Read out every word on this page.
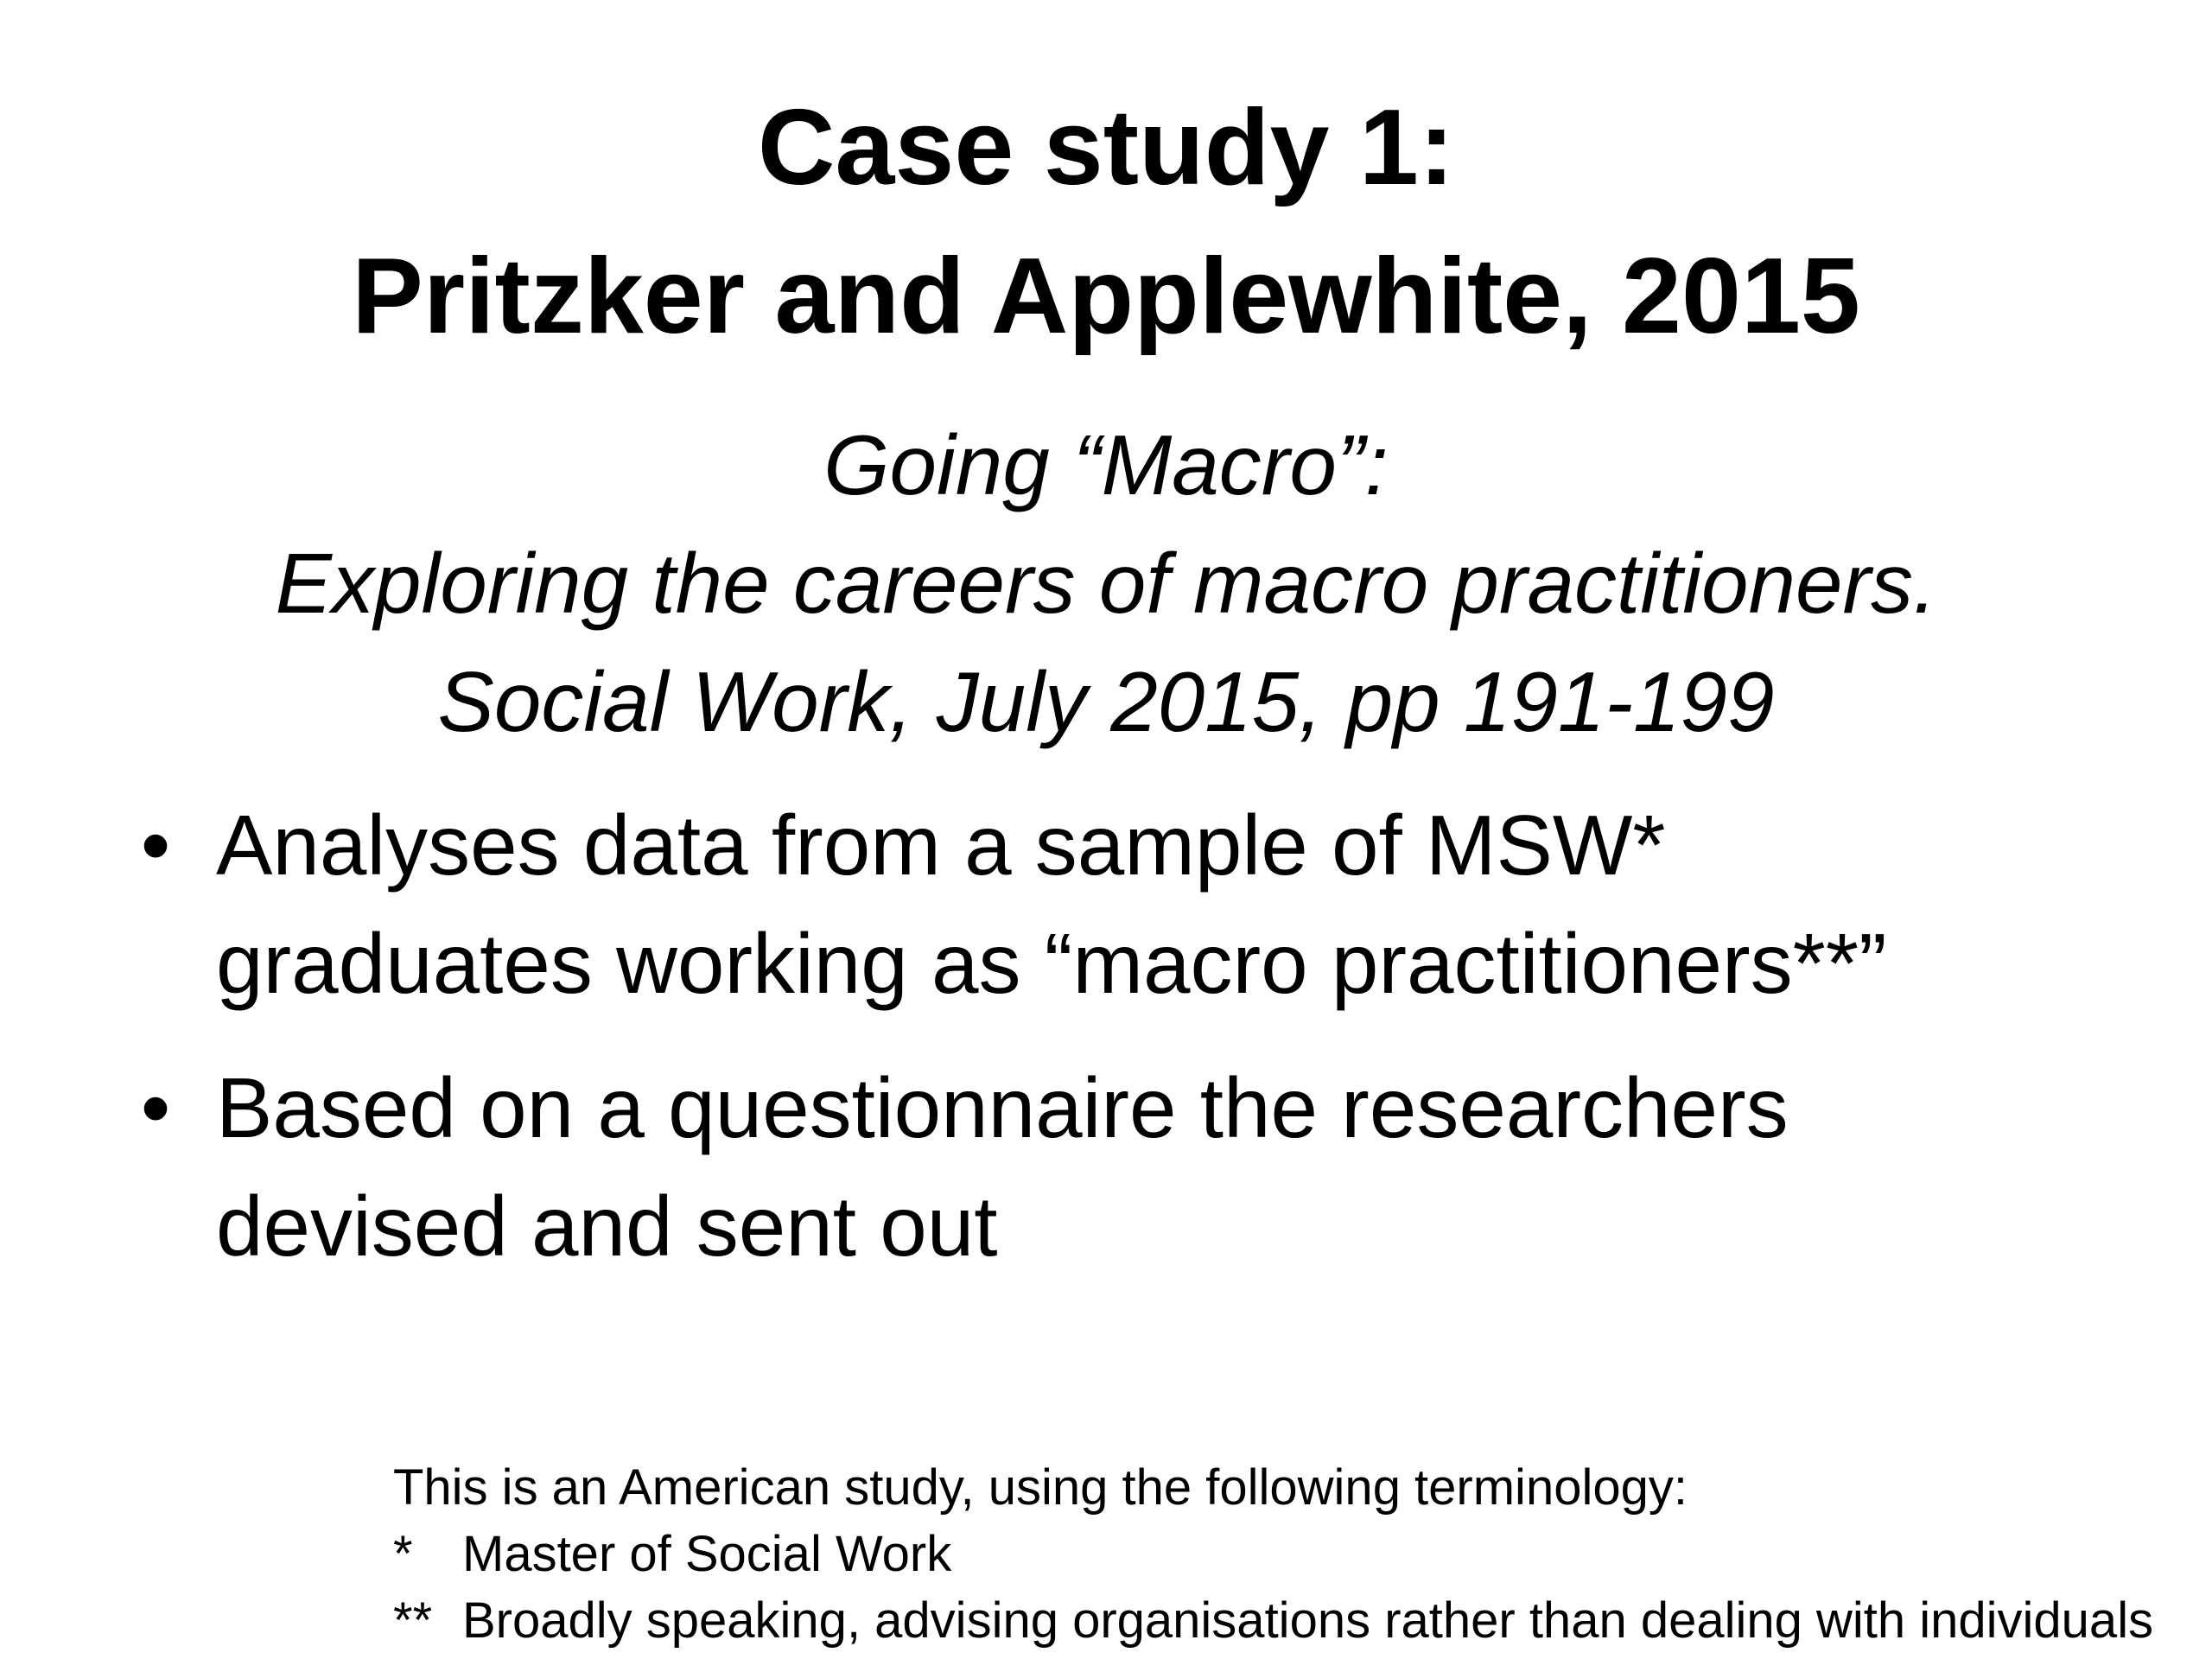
Case study 1:
Pritzker and Applewhite, 2015
Going “Macro”:
Exploring the careers of macro practitioners.
Social Work, July 2015, pp 191-199
• Analyses data from a sample of MSW*
graduates working as “macro practitioners**”
• Based on a questionnaire the researchers
devised and sent out
This is an American study, using the following terminology:
* Master of Social Work
** Broadly speaking, advising organisations rather than dealing with individuals
